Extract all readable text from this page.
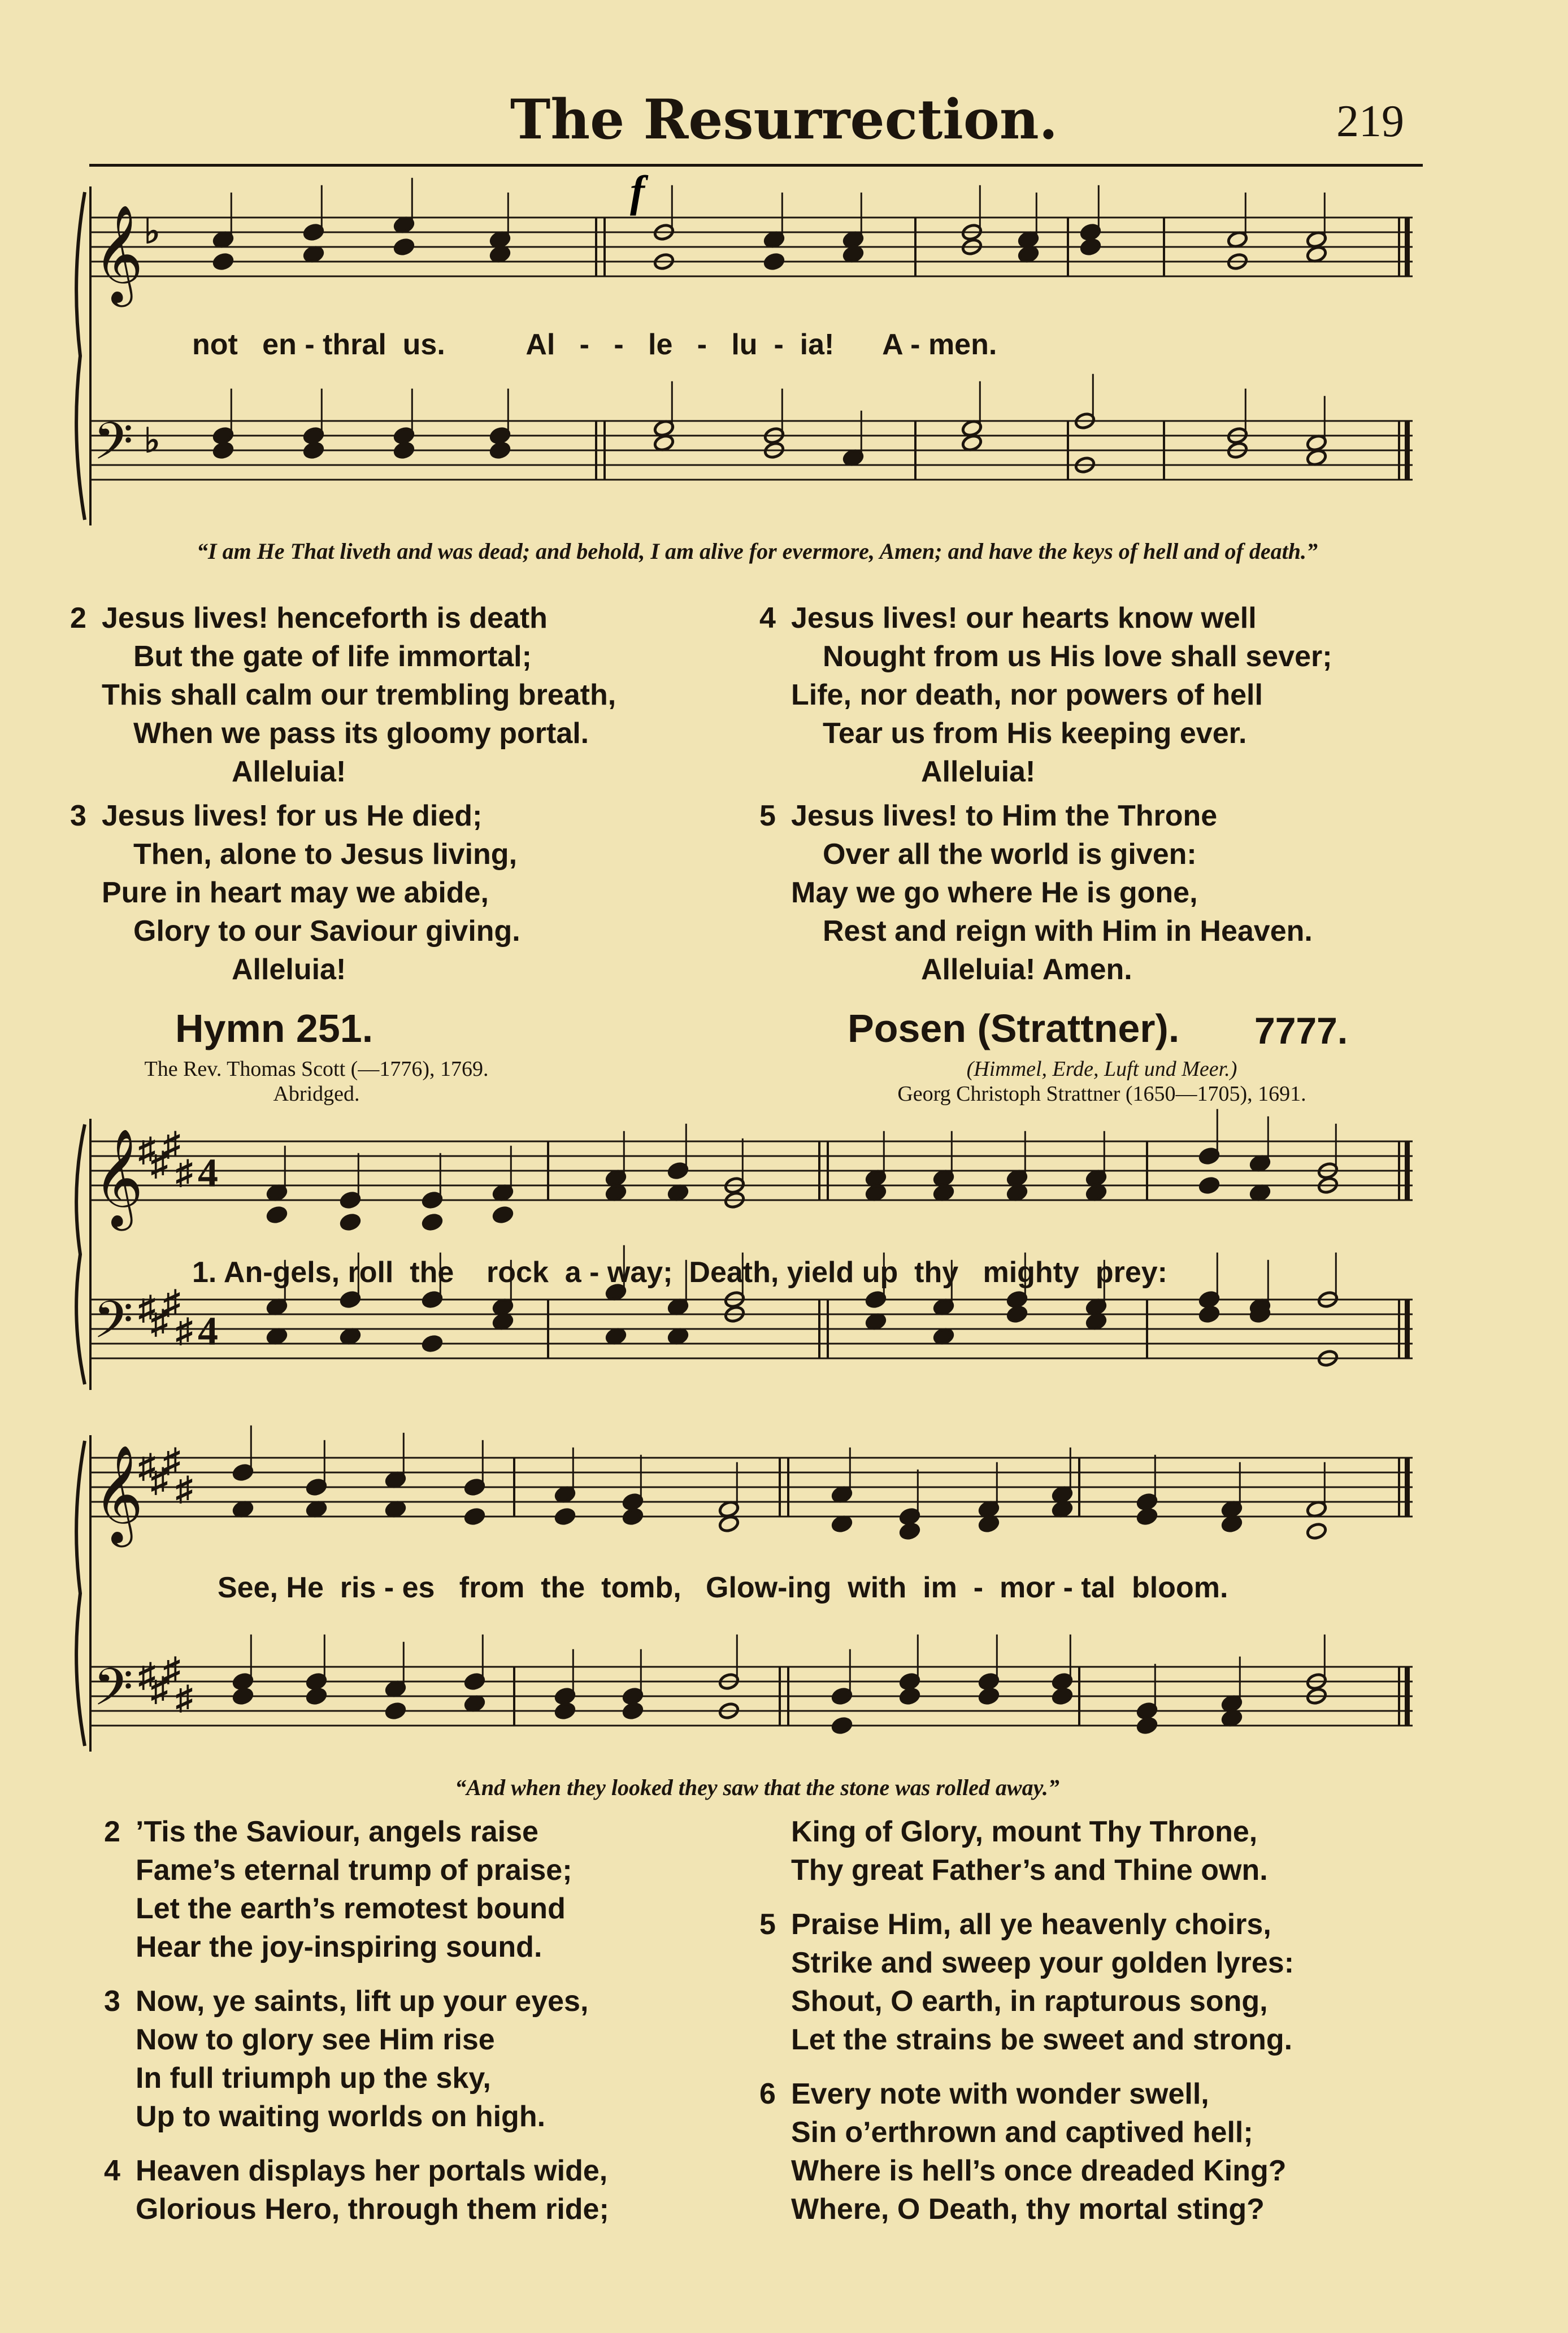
The Resurrection.	219
𝄞
𝄢
♭
♭
f
not   en - thral  us.          Al   -   -   le   -   lu  -  ia!      A - men.
“I am He That liveth and was dead; and behold, I am alive for evermore, Amen; and have the keys of hell and of death.”
2 Jesus lives! henceforth is death
But the gate of life immortal;
This shall calm our trembling breath,
When we pass its gloomy portal.
Alleluia!
3 Jesus lives! for us He died;
Then, alone to Jesus living,
Pure in heart may we abide,
Glory to our Saviour giving.
Alleluia!
4 Jesus lives! our hearts know well
Nought from us His love shall sever;
Life, nor death, nor powers of hell
Tear us from His keeping ever.
Alleluia!
5 Jesus lives! to Him the Throne
Over all the world is given:
May we go where He is gone,
Rest and reign with Him in Heaven.
Alleluia! Amen.
Hymn 251.
The Rev. Thomas Scott (—1776), 1769.
Abridged.
Posen (Strattner). 7777.
(Himmel, Erde, Luft und Meer.)
Georg Christoph Strattner (1650—1705), 1691.
𝄞
𝄢
♯
♯
♯
♯
♯
♯
♯
♯
4
4
𝄞
𝄢
♯
♯
♯
♯
♯
♯
♯
♯
1. An-gels, roll  the    rock  a - way;  Death, yield up  thy   mighty  prey:
See, He  ris - es   from  the  tomb,   Glow-ing  with  im  -  mor - tal  bloom.
“And when they looked they saw that the stone was rolled away.”
2 ’Tis the Saviour, angels raise
Fame’s eternal trump of praise;
Let the earth’s remotest bound
Hear the joy-inspiring sound.
3 Now, ye saints, lift up your eyes,
Now to glory see Him rise
In full triumph up the sky,
Up to waiting worlds on high.
4 Heaven displays her portals wide,
Glorious Hero, through them ride;
King of Glory, mount Thy Throne,
Thy great Father’s and Thine own.
5 Praise Him, all ye heavenly choirs,
Strike and sweep your golden lyres:
Shout, O earth, in rapturous song,
Let the strains be sweet and strong.
6 Every note with wonder swell,
Sin o’erthrown and captived hell;
Where is hell’s once dreaded King?
Where, O Death, thy mortal sting?
